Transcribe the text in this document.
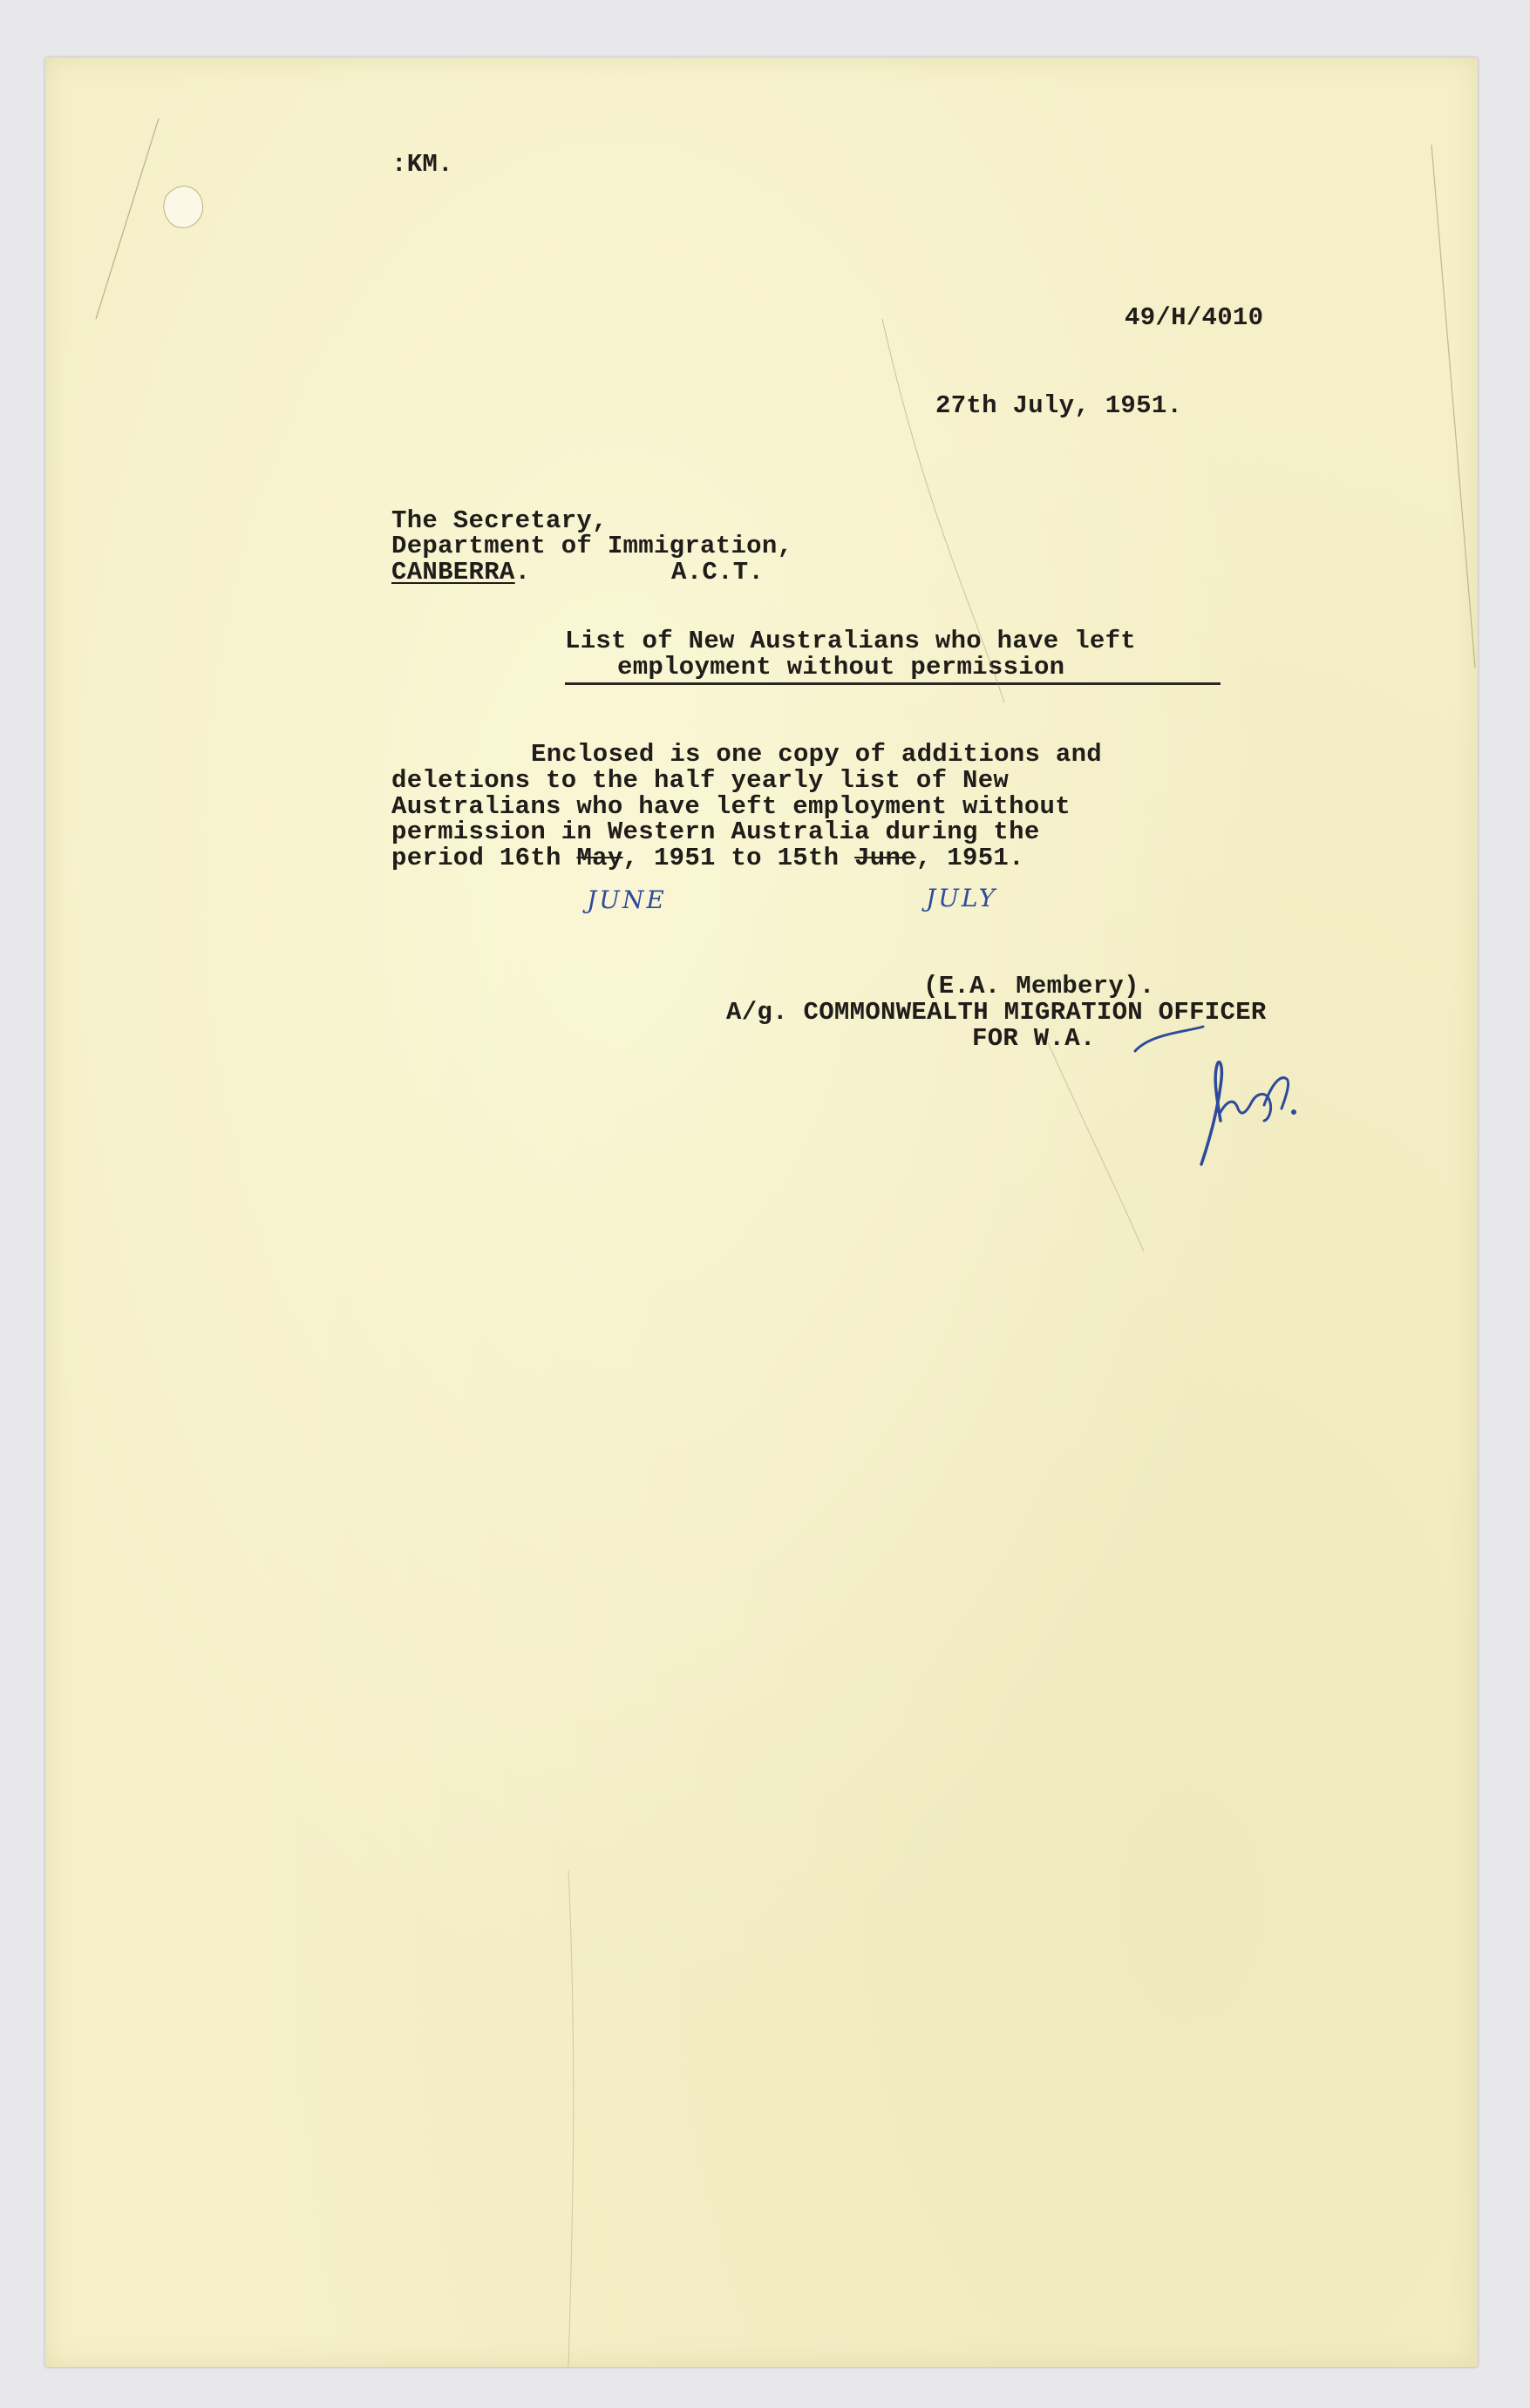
:KM.
49/H/4010
27th July, 1951.
The Secretary,
Department of Immigration,
CANBERRA.	A.C.T.
List of New Australians who have left
employment without permission
Enclosed is one copy of additions and
deletions to the half yearly list of New
Australians who have left employment without
permission in Western Australia during the
period 16th May, 1951 to 15th June, 1951.
JUNE	JULY
(E.A. Membery).
A/g. COMMONWEALTH MIGRATION OFFICER
FOR W.A.
